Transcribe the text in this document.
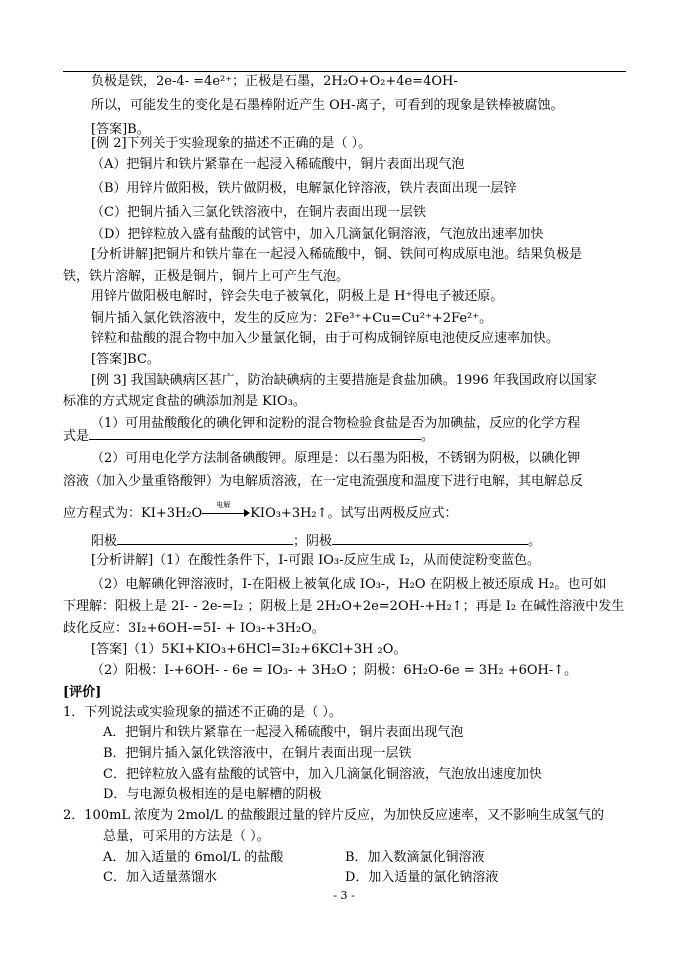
负极是铁，2e-4- =4e²⁺；正极是石墨，2H₂O+O₂+4e=4OH-
所以，可能发生的变化是石墨棒附近产生 OH-离子，可看到的现象是铁棒被腐蚀。
[答案]B。
[例 2]下列关于实验现象的描述不正确的是（ ）。
（A）把铜片和铁片紧靠在一起浸入稀硫酸中，铜片表面出现气泡
（B）用锌片做阳极，铁片做阴极，电解氯化锌溶液，铁片表面出现一层锌
（C）把铜片插入三氯化铁溶液中，在铜片表面出现一层铁
（D）把锌粒放入盛有盐酸的试管中，加入几滴氯化铜溶液，气泡放出速率加快
[分析讲解]把铜片和铁片靠在一起浸入稀硫酸中，铜、铁间可构成原电池。结果负极是
铁，铁片溶解，正极是铜片，铜片上可产生气泡。
用锌片做阳极电解时，锌会失电子被氧化，阴极上是 H⁺得电子被还原。
铜片插入氯化铁溶液中，发生的反应为：2Fe³⁺+Cu=Cu²⁺+2Fe²⁺。
锌粒和盐酸的混合物中加入少量氯化铜，由于可构成铜锌原电池使反应速率加快。
[答案]BC。
[例 3] 我国缺碘病区甚广，防治缺碘病的主要措施是食盐加碘。1996 年我国政府以国家
标准的方式规定食盐的碘添加剂是 KIO₃。
（1）可用盐酸酸化的碘化钾和淀粉的混合物检验食盐是否为加碘盐，反应的化学方程
式是	。
（2）可用电化学方法制备碘酸钾。原理是：以石墨为阳极，不锈钢为阴极，以碘化钾
溶液（加入少量重铬酸钾）为电解质溶液，在一定电流强度和温度下进行电解，其电解总反
应方程式为：KI+3H₂O
电解
KIO₃+3H₂↑。试写出两极反应式：
阳极	；阴极	。
[分析讲解]（1）在酸性条件下，I-可跟 IO₃-反应生成 I₂，从而使淀粉变蓝色。
（2）电解碘化钾溶液时，I-在阳极上被氧化成 IO₃-，H₂O 在阴极上被还原成 H₂。也可如
下理解：阳极上是 2I- - 2e-=I₂ ；阴极上是 2H₂O+2e=2OH-+H₂↑；再是 I₂ 在碱性溶液中发生
歧化反应：3I₂+6OH-=5I- + IO₃-+3H₂O。
[答案]（1）5KI+KIO₃+6HCl=3I₂+6KCl+3H ₂O。
（2）阳极：I-+6OH- - 6e = IO₃- + 3H₂O ；阴极：6H₂O-6e = 3H₂ +6OH-↑。
[评价]
1．下列说法或实验现象的描述不正确的是（ ）。
A．把铜片和铁片紧靠在一起浸入稀硫酸中，铜片表面出现气泡
B．把铜片插入氯化铁溶液中，在铜片表面出现一层铁
C．把锌粒放入盛有盐酸的试管中，加入几滴氯化铜溶液，气泡放出速度加快
D．与电源负极相连的是电解槽的阴极
2．100mL 浓度为 2mol/L 的盐酸跟过量的锌片反应，为加快反应速率，又不影响生成氢气的
总量，可采用的方法是（ ）。
A．加入适量的 6mol/L 的盐酸	B．加入数滴氯化铜溶液
C．加入适量蒸馏水	D．加入适量的氯化钠溶液
- 3 -
